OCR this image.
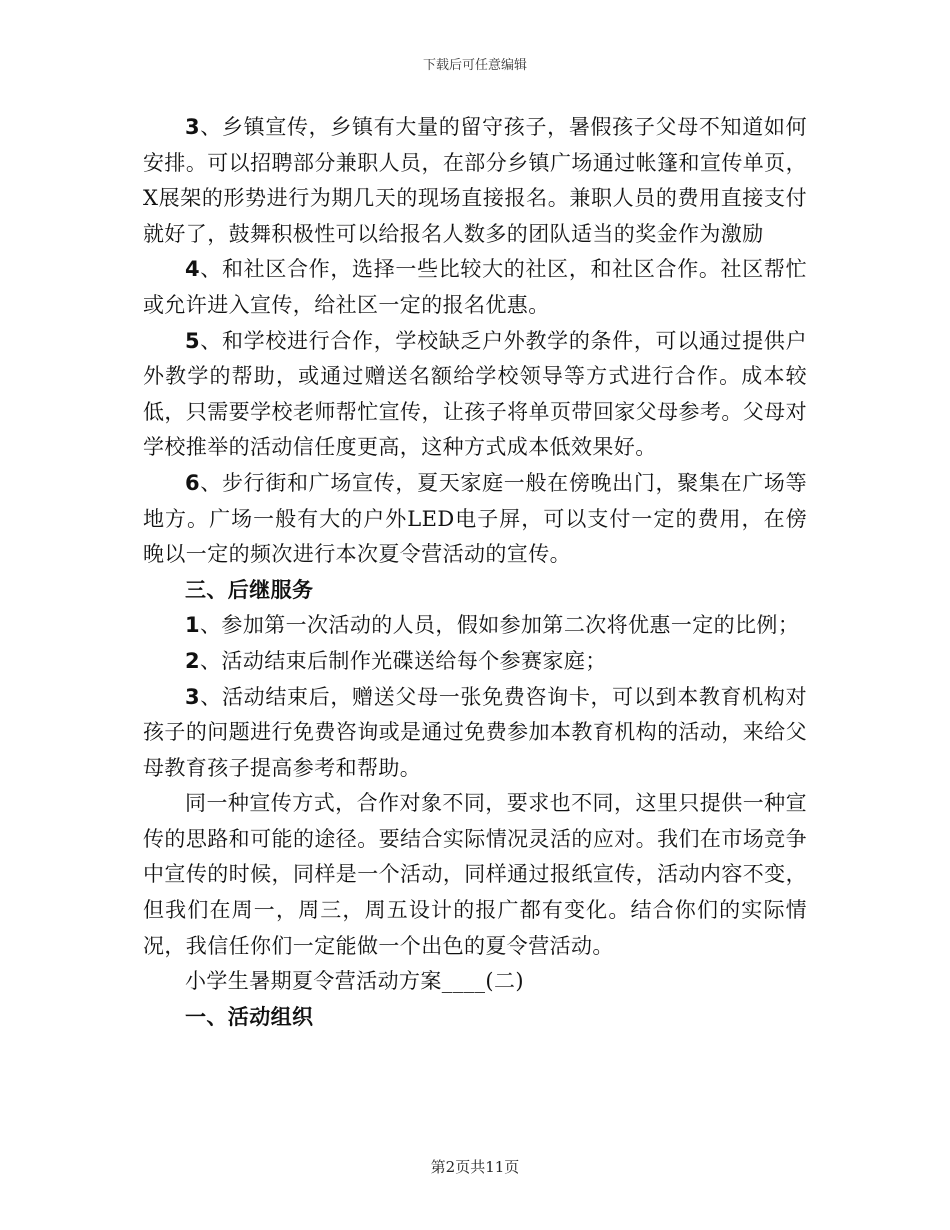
下载后可任意编辑

3、乡镇宣传，乡镇有大量的留守孩子，暑假孩子父母不知道如何安排。可以招聘部分兼职人员，在部分乡镇广场通过帐篷和宣传单页，X展架的形势进行为期几天的现场直接报名。兼职人员的费用直接支付就好了，鼓舞积极性可以给报名人数多的团队适当的奖金作为激励

4、和社区合作，选择一些比较大的社区，和社区合作。社区帮忙或允许进入宣传，给社区一定的报名优惠。

5、和学校进行合作，学校缺乏户外教学的条件，可以通过提供户外教学的帮助，或通过赠送名额给学校领导等方式进行合作。成本较低，只需要学校老师帮忙宣传，让孩子将单页带回家父母参考。父母对学校推举的活动信任度更高，这种方式成本低效果好。

6、步行街和广场宣传，夏天家庭一般在傍晚出门，聚集在广场等地方。广场一般有大的户外LED电子屏，可以支付一定的费用，在傍晚以一定的频次进行本次夏令营活动的宣传。

三、后继服务

1、参加第一次活动的人员，假如参加第二次将优惠一定的比例；

2、活动结束后制作光碟送给每个参赛家庭；

3、活动结束后，赠送父母一张免费咨询卡，可以到本教育机构对孩子的问题进行免费咨询或是通过免费参加本教育机构的活动，来给父母教育孩子提高参考和帮助。

同一种宣传方式，合作对象不同，要求也不同，这里只提供一种宣传的思路和可能的途径。要结合实际情况灵活的应对。我们在市场竞争中宣传的时候，同样是一个活动，同样通过报纸宣传，活动内容不变，但我们在周一，周三，周五设计的报广都有变化。结合你们的实际情况，我信任你们一定能做一个出色的夏令营活动。

小学生暑期夏令营活动方案____(二)

一、活动组织

第2页共11页
